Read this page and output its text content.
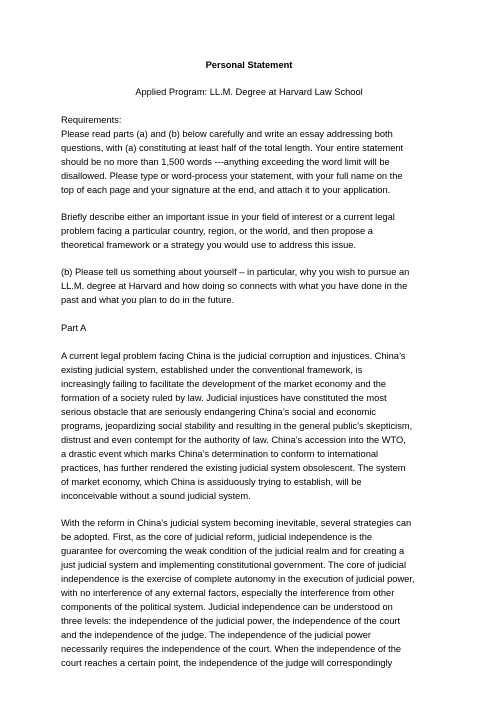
Personal Statement

Applied Program: LL.M. Degree at Harvard Law School

Requirements:

Please read parts (a) and (b) below carefully and write an essay addressing both
questions, with (a) constituting at least half of the total length. Your entire statement
should be no more than 1,500 words ---anything exceeding the word limit will be
disallowed. Please type or word-process your statement, with your full name on the
top of each page and your signature at the end, and attach it to your application.

Briefly describe either an important issue in your field of interest or a current legal
problem facing a particular country, region, or the world, and then propose a
theoretical framework or a strategy you would use to address this issue.

(b) Please tell us something about yourself – in particular, why you wish to pursue an
LL.M. degree at Harvard and how doing so connects with what you have done in the
past and what you plan to do in the future.

Part A

A current legal problem facing China is the judicial corruption and injustices. China’s
existing judicial system, established under the conventional framework, is
increasingly failing to facilitate the development of the market economy and the
formation of a society ruled by law. Judicial injustices have constituted the most
serious obstacle that are seriously endangering China’s social and economic
programs, jeopardizing social stability and resulting in the general public’s skepticism,
distrust and even contempt for the authority of law. China’s accession into the WTO,
a drastic event which marks China’s determination to conform to international
practices, has further rendered the existing judicial system obsolescent. The system
of market economy, which China is assiduously trying to establish, will be
inconceivable without a sound judicial system.

With the reform in China’s judicial system becoming inevitable, several strategies can
be adopted. First, as the core of judicial reform, judicial independence is the
guarantee for overcoming the weak condition of the judicial realm and for creating a
just judicial system and implementing constitutional government. The core of judicial
independence is the exercise of complete autonomy in the execution of judicial power,
with no interference of any external factors, especially the interference from other
components of the political system. Judicial independence can be understood on
three levels: the independence of the judicial power, the independence of the court
and the independence of the judge. The independence of the judicial power
necessarily requires the independence of the court. When the independence of the
court reaches a certain point, the independence of the judge will correspondingly
